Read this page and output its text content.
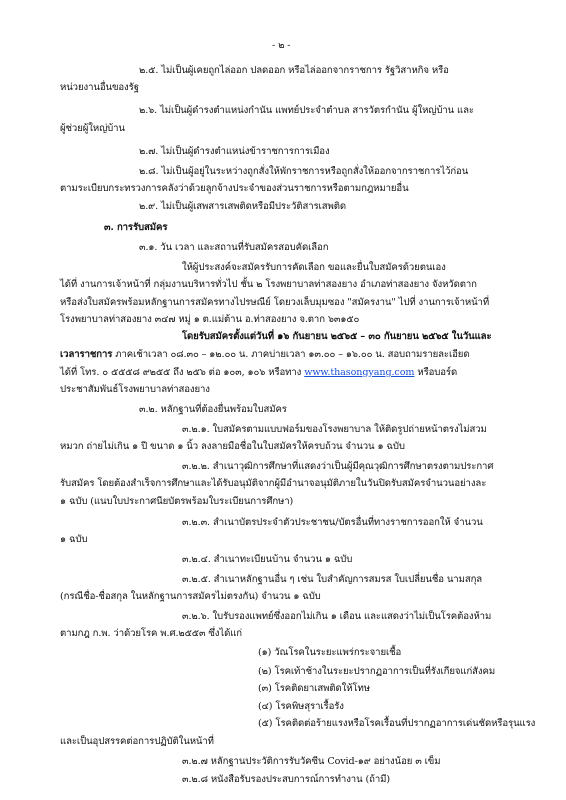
- ๒ -
๒.๕. ไม่เป็นผู้เคยถูกไล่ออก ปลดออก หรือไล่ออกจากราชการ รัฐวิสาหกิจ หรือ
หน่วยงานอื่นของรัฐ
๒.๖. ไม่เป็นผู้ดำรงตำแหน่งกำนัน แพทย์ประจำตำบล สารวัตรกำนัน ผู้ใหญ่บ้าน และ
ผู้ช่วยผู้ใหญ่บ้าน
๒.๗. ไม่เป็นผู้ดำรงตำแหน่งข้าราชการการเมือง
๒.๘. ไม่เป็นผู้อยู่ในระหว่างถูกสั่งให้พักราชการหรือถูกสั่งให้ออกจากราชการไว้ก่อน
ตามระเบียบกระทรวงการคลังว่าด้วยลูกจ้างประจำของส่วนราชการหรือตามกฎหมายอื่น
๒.๙. ไม่เป็นผู้เสพสารเสพติดหรือมีประวัติสารเสพติด
๓. การรับสมัคร
๓.๑. วัน เวลา และสถานที่รับสมัครสอบคัดเลือก
ให้ผู้ประสงค์จะสมัครรับการคัดเลือก ขอและยื่นใบสมัครด้วยตนเอง
ได้ที่ งานการเจ้าหน้าที่ กลุ่มงานบริหารทั่วไป ชั้น ๒ โรงพยาบาลท่าสองยาง อำเภอท่าสองยาง จังหวัดตาก
หรือส่งใบสมัครพร้อมหลักฐานการสมัครทางไปรษณีย์ โดยวงเล็บมุมซอง "สมัครงาน" ไปที่ งานการเจ้าหน้าที่
โรงพยาบาลท่าสองยาง ๓๔๗ หมู่ ๑ ต.แม่ต้าน อ.ท่าสองยาง จ.ตาก ๖๓๑๕๐
โดยรับสมัครตั้งแต่วันที่ ๑๖ กันยายน ๒๕๖๕ – ๓๐ กันยายน ๒๕๖๕ ในวันและ
เวลาราชการ ภาคเช้าเวลา ๐๘.๓๐ – ๑๒.๐๐ น. ภาคบ่ายเวลา ๑๓.๐๐ – ๑๖.๐๐ น. สอบถามรายละเอียด
ได้ที่ โทร. ๐ ๕๕๕๘ ๙๒๕๕ ถึง ๒๕๖ ต่อ ๑๐๓, ๑๐๖ หรือทาง www.thasongyang.com หรือบอร์ด
ประชาสัมพันธ์โรงพยาบาลท่าสองยาง
๓.๒. หลักฐานที่ต้องยื่นพร้อมใบสมัคร
๓.๒.๑. ใบสมัครตามแบบฟอร์มของโรงพยาบาล ให้ติดรูปถ่ายหน้าตรงไม่สวม
หมวก ถ่ายไม่เกิน ๑ ปี ขนาด ๑ นิ้ว ลงลายมือชื่อในใบสมัครให้ครบถ้วน จำนวน ๑ ฉบับ
๓.๒.๒. สำเนาวุฒิการศึกษาที่แสดงว่าเป็นผู้มีคุณวุฒิการศึกษาตรงตามประกาศ
รับสมัคร โดยต้องสำเร็จการศึกษาและได้รับอนุมัติจากผู้มีอำนาจอนุมัติภายในวันปิดรับสมัครจำนวนอย่างละ
๑ ฉบับ (แนบใบประกาศนียบัตรพร้อมใบระเบียนการศึกษา)
๓.๒.๓. สำเนาบัตรประจำตัวประชาชน/บัตรอื่นที่ทางราชการออกให้ จำนวน
๑ ฉบับ
๓.๒.๔. สำเนาทะเบียนบ้าน จำนวน ๑ ฉบับ
๓.๒.๕. สำเนาหลักฐานอื่น ๆ เช่น ใบสำคัญการสมรส ใบเปลี่ยนชื่อ นามสกุล
(กรณีชื่อ-ชื่อสกุล ในหลักฐานการสมัครไม่ตรงกัน) จำนวน ๑ ฉบับ
๓.๒.๖. ใบรับรองแพทย์ซึ่งออกไม่เกิน ๑ เดือน และแสดงว่าไม่เป็นโรคต้องห้าม
ตามกฎ ก.พ. ว่าด้วยโรค พ.ศ.๒๕๕๓ ซึ่งได้แก่
(๑) วัณโรคในระยะแพร่กระจายเชื้อ
(๒) โรคเท้าช้างในระยะปรากฏอาการเป็นที่รังเกียจแก่สังคม
(๓) โรคติดยาเสพติดให้โทษ
(๔) โรคพิษสุราเรื้อรัง
(๕) โรคติดต่อร้ายแรงหรือโรคเรื้อนที่ปรากฏอาการเด่นชัดหรือรุนแรง
และเป็นอุปสรรคต่อการปฏิบัติในหน้าที่
๓.๒.๗ หลักฐานประวัติการรับวัคซีน Covid-๑๙ อย่างน้อย ๓ เข็ม
๓.๒.๘ หนังสือรับรองประสบการณ์การทำงาน (ถ้ามี)
